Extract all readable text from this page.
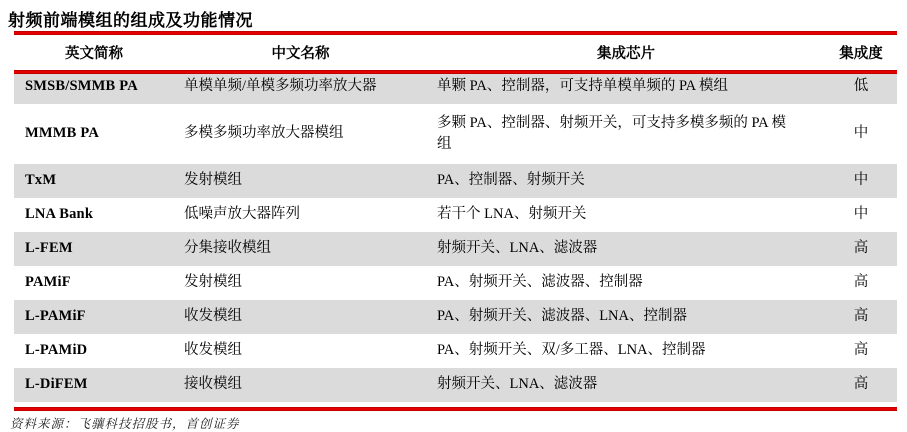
射频前端模组的组成及功能情况
英文简称	中文名称	集成芯片	集成度
SMSB/SMMB PA	单模单频/单模多频功率放大器	单颗 PA、控制器，可支持单模单频的 PA 模组	低
MMMB PA	多模多频功率放大器模组	多颗 PA、控制器、射频开关，可支持多模多频的 PA 模组	中
TxM	发射模组	PA、控制器、射频开关	中
LNA Bank	低噪声放大器阵列	若干个 LNA、射频开关	中
L-FEM	分集接收模组	射频开关、LNA、滤波器	高
PAMiF	发射模组	PA、射频开关、滤波器、控制器	高
L-PAMiF	收发模组	PA、射频开关、滤波器、LNA、控制器	高
L-PAMiD	收发模组	PA、射频开关、双/多工器、LNA、控制器	高
L-DiFEM	接收模组	射频开关、LNA、滤波器	高
资料来源：飞骧科技招股书，首创证券
